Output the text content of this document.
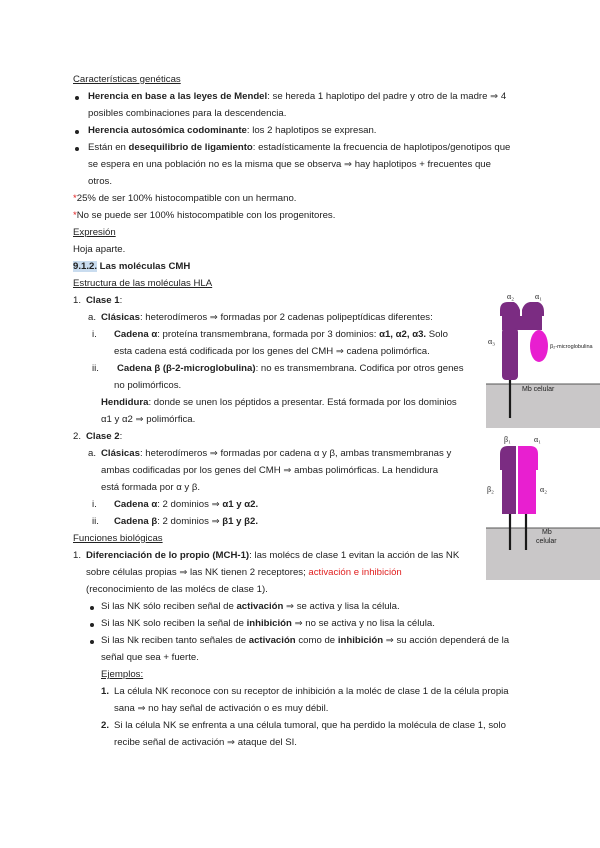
Características genéticas
Herencia en base a las leyes de Mendel: se hereda 1 haplotipo del padre y otro de la madre ⇒ 4
posibles combinaciones para la descendencia.
Herencia autosómica codominante: los 2 haplotipos se expresan.
Están en desequilibrio de ligamiento: estadísticamente la frecuencia de haplotipos/genotipos que
se espera en una población no es la misma que se observa ⇒ hay haplotipos + frecuentes que
otros.
*25% de ser 100% histocompatible con un hermano.
*No se puede ser 100% histocompatible con los progenitores.
Expresión
Hoja aparte.
9.1.2. Las moléculas CMH
Estructura de las moléculas HLA
1. Clase 1:
a. Clásicas: heterodímeros ⇒ formadas por 2 cadenas polipeptídicas diferentes:
i. Cadena α: proteína transmembrana, formada por 3 dominios: α1, α2, α3. Solo
esta cadena está codificada por los genes del CMH ⇒ cadena polimórfica.
ii. Cadena β (β-2-microglobulina): no es transmembrana. Codifica por otros genes
no polimórficos.
Hendidura: donde se unen los péptidos a presentar. Está formada por los dominios
α1 y α2 ⇒ polimórfica.
2. Clase 2:
a. Clásicas: heterodímeros ⇒ formadas por cadena α y β, ambas transmembranas y
ambas codificadas por los genes del CMH ⇒ ambas polimórficas. La hendidura
está formada por α y β.
i. Cadena α: 2 dominios ⇒ α1 y α2.
ii. Cadena β: 2 dominios ⇒ β1 y β2.
Funciones biológicas
1. Diferenciación de lo propio (MCH-1): las molécs de clase 1 evitan la acción de las NK
sobre células propias ⇒ las NK tienen 2 receptores; activación e inhibición
(reconocimiento de las molécs de clase 1).
Si las NK sólo reciben señal de activación ⇒ se activa y lisa la célula.
Si las NK solo reciben la señal de inhibición ⇒ no se activa y no lisa la célula.
Si las Nk reciben tanto señales de activación como de inhibición ⇒ su acción dependerá de la
señal que sea + fuerte.
Ejemplos:
1. La célula NK reconoce con su receptor de inhibición a la moléc de clase 1 de la célula propia
sana ⇒ no hay señal de activación o es muy débil.
2. Si la célula NK se enfrenta a una célula tumoral, que ha perdido la molécula de clase 1, solo
recibe señal de activación ⇒ ataque del SI.
α₂	α₁
α₃
β₂-microglobulina
Mb celular
β₁	α₁
β₂	α₂
Mb
celular
